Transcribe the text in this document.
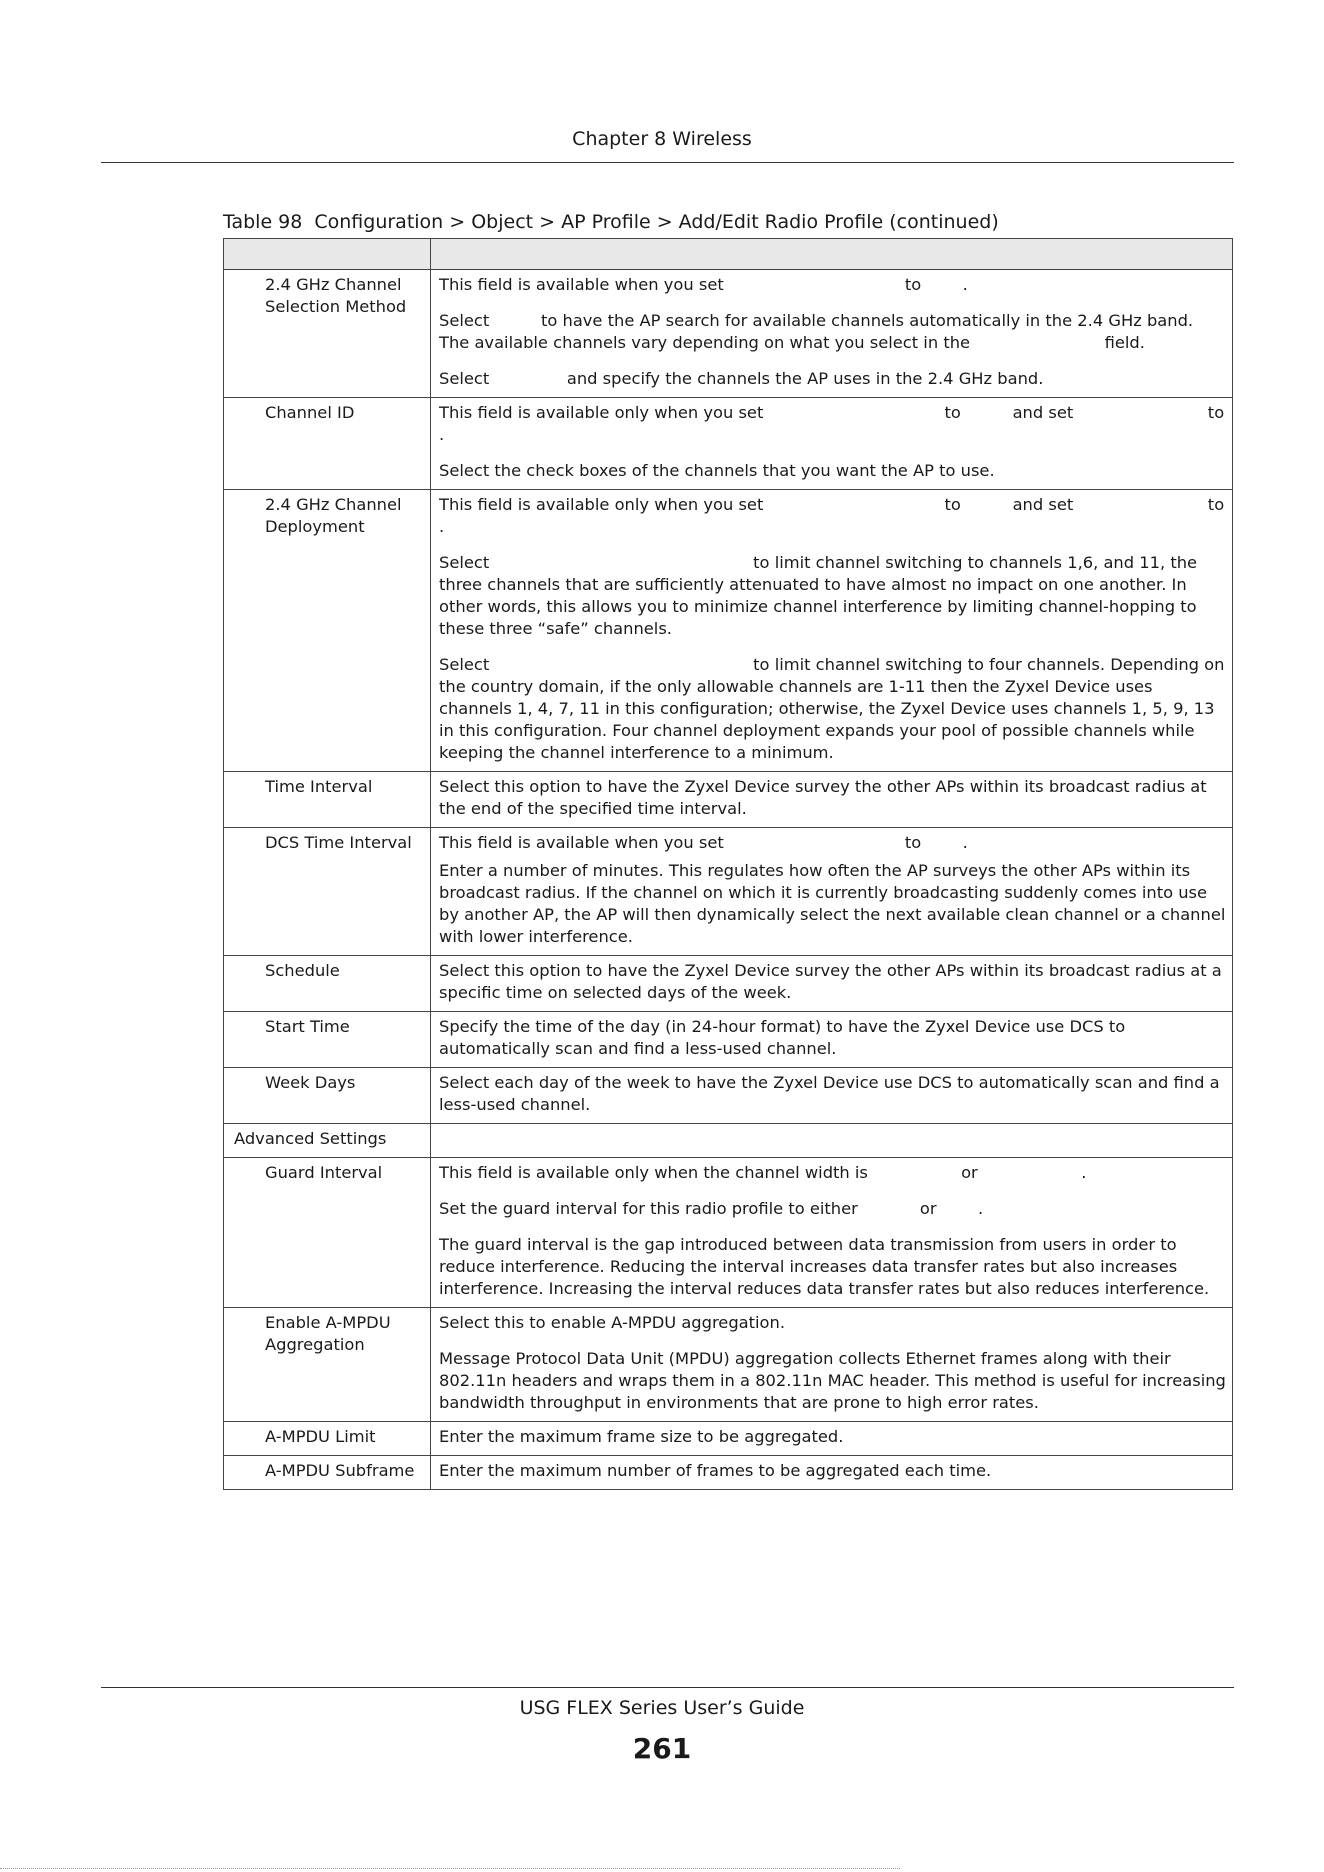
Chapter 8 Wireless
Table 98 Configuration > Object > AP Profile > Add/Edit Radio Profile (continued)

2.4 GHz Channel Selection Method	This field is available when you set                                   to        .

Select          to have the AP search for available channels automatically in the 2.4 GHz band. The available channels vary depending on what you select in the                          field.

Select               and specify the channels the AP uses in the 2.4 GHz band.

Channel ID	This field is available only when you set                                   to          and set                          to              .

Select the check boxes of the channels that you want the AP to use.

2.4 GHz Channel Deployment	This field is available only when you set                                   to          and set                          to        .

Select                                                   to limit channel switching to channels 1,6, and 11, the three channels that are sufficiently attenuated to have almost no impact on one another. In other words, this allows you to minimize channel interference by limiting channel-hopping to these three “safe” channels.

Select                                                   to limit channel switching to four channels. Depending on the country domain, if the only allowable channels are 1-11 then the Zyxel Device uses channels 1, 4, 7, 11 in this configuration; otherwise, the Zyxel Device uses channels 1, 5, 9, 13 in this configuration. Four channel deployment expands your pool of possible channels while keeping the channel interference to a minimum.

Time Interval	Select this option to have the Zyxel Device survey the other APs within its broadcast radius at the end of the specified time interval.

DCS Time Interval	This field is available when you set                                   to        .

Enter a number of minutes. This regulates how often the AP surveys the other APs within its broadcast radius. If the channel on which it is currently broadcasting suddenly comes into use by another AP, the AP will then dynamically select the next available clean channel or a channel with lower interference.

Schedule	Select this option to have the Zyxel Device survey the other APs within its broadcast radius at a specific time on selected days of the week.

Start Time	Specify the time of the day (in 24-hour format) to have the Zyxel Device use DCS to automatically scan and find a less-used channel.

Week Days	Select each day of the week to have the Zyxel Device use DCS to automatically scan and find a less-used channel.

Advanced Settings	

Guard Interval	This field is available only when the channel width is                  or                    .

Set the guard interval for this radio profile to either            or        .

The guard interval is the gap introduced between data transmission from users in order to reduce interference. Reducing the interval increases data transfer rates but also increases interference. Increasing the interval reduces data transfer rates but also reduces interference.

Enable A-MPDU Aggregation	Select this to enable A-MPDU aggregation.

Message Protocol Data Unit (MPDU) aggregation collects Ethernet frames along with their 802.11n headers and wraps them in a 802.11n MAC header. This method is useful for increasing bandwidth throughput in environments that are prone to high error rates.

A-MPDU Limit	Enter the maximum frame size to be aggregated.

A-MPDU Subframe	Enter the maximum number of frames to be aggregated each time.

USG FLEX Series User’s Guide
261
